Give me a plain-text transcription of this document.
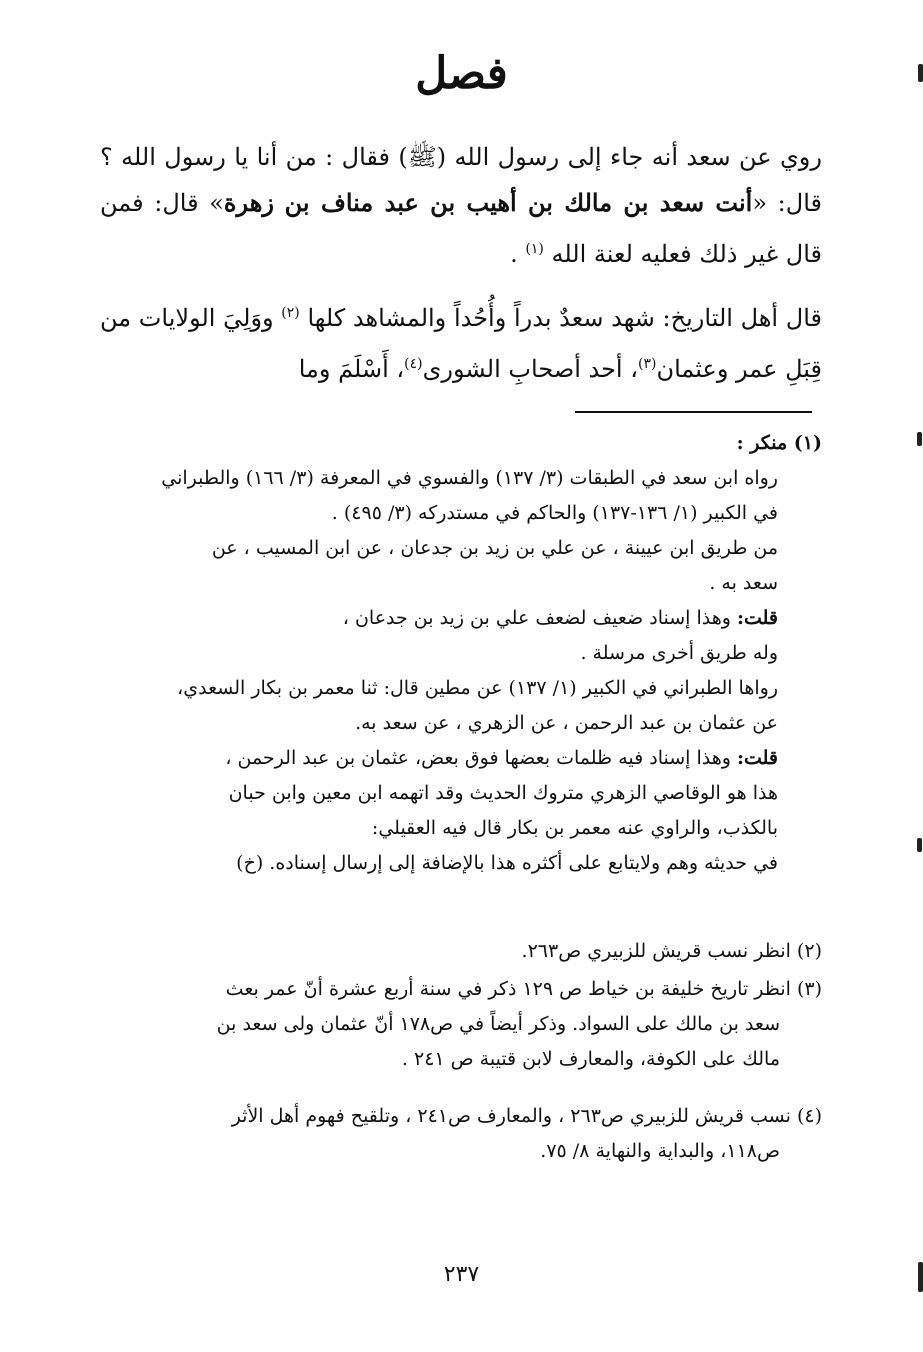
فصل
روي عن سعد أنه جاء إلى رسول الله (ﷺ) فقال : من أنا يا رسول الله ؟ قال: «أنت سعد بن مالك بن أهيب بن عبد مناف بن زهرة» قال: فمن قال غير ذلك فعليه لعنة الله $^{(١)}$ .
قال أهل التاريخ: شهد سعدٌ بدراً وأُحُداً والمشاهد كلها $^{(٢)}$ ووَلِيَ الولايات من قِبَلِ عمر وعثمان$^{(٣)}$، أحد أصحابِ الشورى$^{(٤)}$، أَسْلَمَ وما
(١) منكر :
رواه ابن سعد في الطبقات (٣/ ١٣٧) والفسوي في المعرفة (٣/ ١٦٦) والطبراني
في الكبير (١/ ١٣٦-١٣٧) والحاكم في مستدركه (٣/ ٤٩٥) .
من طريق ابن عيينة ، عن علي بن زيد بن جدعان ، عن ابن المسيب ، عن
سعد به .
قلت: وهذا إسناد ضعيف لضعف علي بن زيد بن جدعان ،
وله طريق أخرى مرسلة .
رواها الطبراني في الكبير (١/ ١٣٧) عن مطين قال: ثنا معمر بن بكار السعدي،
عن عثمان بن عبد الرحمن ، عن الزهري ، عن سعد به.
قلت: وهذا إسناد فيه ظلمات بعضها فوق بعض، عثمان بن عبد الرحمن ،
هذا هو الوقاصي الزهري متروك الحديث وقد اتهمه ابن معين وابن حبان
بالكذب، والراوي عنه معمر بن بكار قال فيه العقيلي:
في حديثه وهم ولايتابع على أكثره هذا بالإضافة إلى إرسال إسناده. (خ)
(٢) انظر نسب قريش للزبيري ص٢٦٣.
(٣) انظر تاريخ خليفة بن خياط ص ١٢٩ ذكر في سنة أربع عشرة أنّ عمر بعث
سعد بن مالك على السواد. وذكر أيضاً في ص١٧٨ أنّ عثمان ولى سعد بن
مالك على الكوفة، والمعارف لابن قتيبة ص ٢٤١ .
(٤) نسب قريش للزبيري ص٢٦٣ ، والمعارف ص٢٤١ ، وتلقيح فهوم أهل الأثر
ص١١٨، والبداية والنهاية ٨/ ٧٥.
٢٣٧
